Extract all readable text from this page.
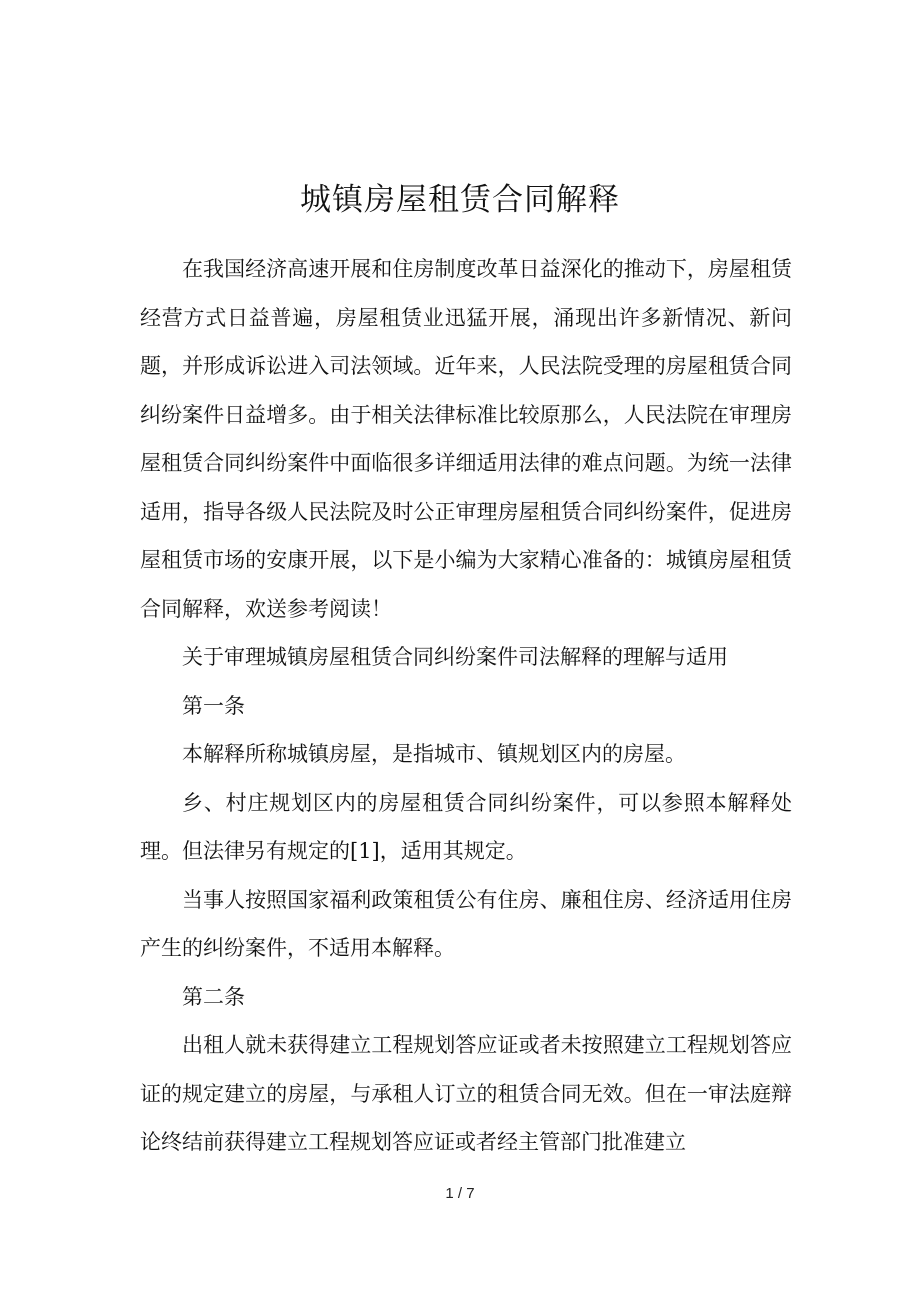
城镇房屋租赁合同解释

在我国经济高速开展和住房制度改革日益深化的推动下，房屋租赁经营方式日益普遍，房屋租赁业迅猛开展，涌现出许多新情况、新问题，并形成诉讼进入司法领域。近年来，人民法院受理的房屋租赁合同纠纷案件日益增多。由于相关法律标准比较原那么，人民法院在审理房屋租赁合同纠纷案件中面临很多详细适用法律的难点问题。为统一法律适用，指导各级人民法院及时公正审理房屋租赁合同纠纷案件，促进房屋租赁市场的安康开展，以下是小编为大家精心准备的：城镇房屋租赁合同解释，欢送参考阅读！

关于审理城镇房屋租赁合同纠纷案件司法解释的理解与适用

第一条

本解释所称城镇房屋，是指城市、镇规划区内的房屋。

乡、村庄规划区内的房屋租赁合同纠纷案件，可以参照本解释处理。但法律另有规定的[1]，适用其规定。

当事人按照国家福利政策租赁公有住房、廉租住房、经济适用住房产生的纠纷案件，不适用本解释。

第二条

出租人就未获得建立工程规划答应证或者未按照建立工程规划答应证的规定建立的房屋，与承租人订立的租赁合同无效。但在一审法庭辩论终结前获得建立工程规划答应证或者经主管部门批准建立

1 / 7
